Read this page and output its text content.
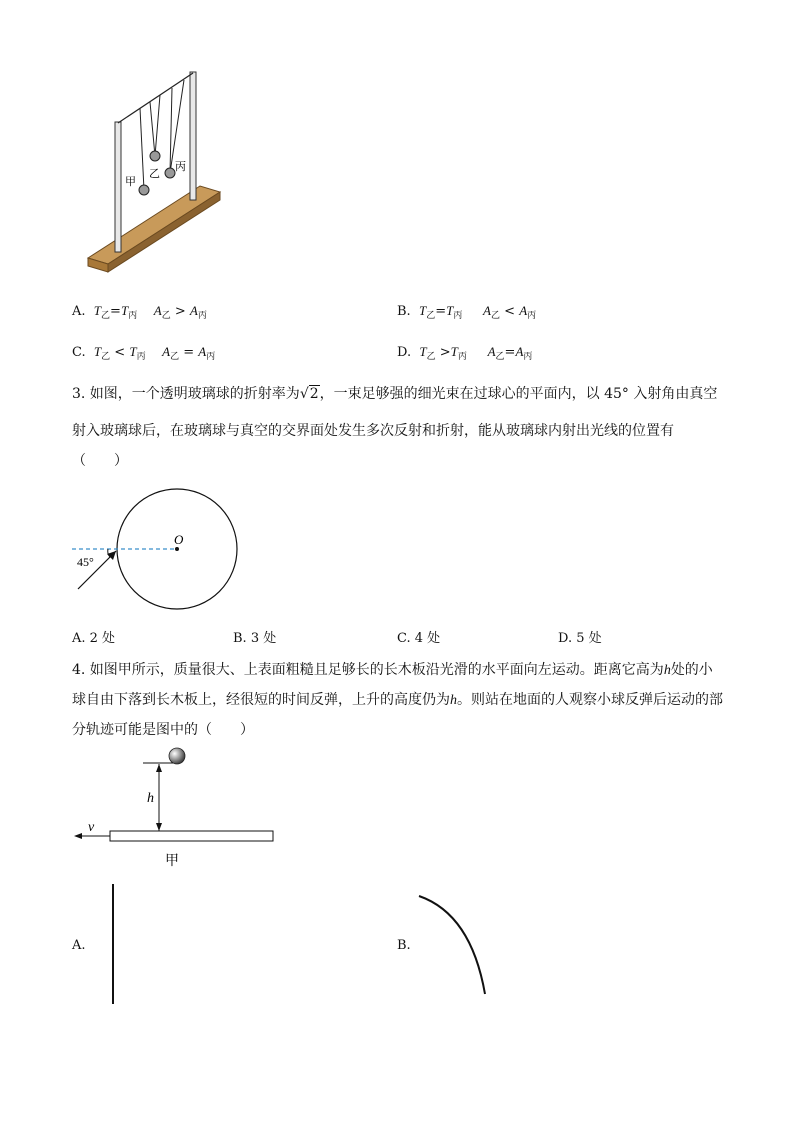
甲
乙
丙
A. $T_乙=T_丙$ $A_乙 > A_丙$	B. $T_乙=T_丙$ $A_乙 < A_丙$
C. $T_乙 < T_丙$ $A_乙 = A_丙$	D. $T_乙 >T_丙$ $A_乙=A_丙$
3. 如图，一个透明玻璃球的折射率为√2，一束足够强的细光束在过球心的平面内，以 45° 入射角由真空
射入玻璃球后，在玻璃球与真空的交界面处发生多次反射和折射，能从玻璃球内射出光线的位置有
（　　）
O
45°
A. 2 处	B. 3 处	C. 4 处	D. 5 处
4. 如图甲所示，质量很大、上表面粗糙且足够长的长木板沿光滑的水平面向左运动。距离它高为h处的小
球自由下落到长木板上，经很短的时间反弹，上升的高度仍为h。则站在地面的人观察小球反弹后运动的部
分轨迹可能是图中的（　　）
h
v
甲
A.	B.
